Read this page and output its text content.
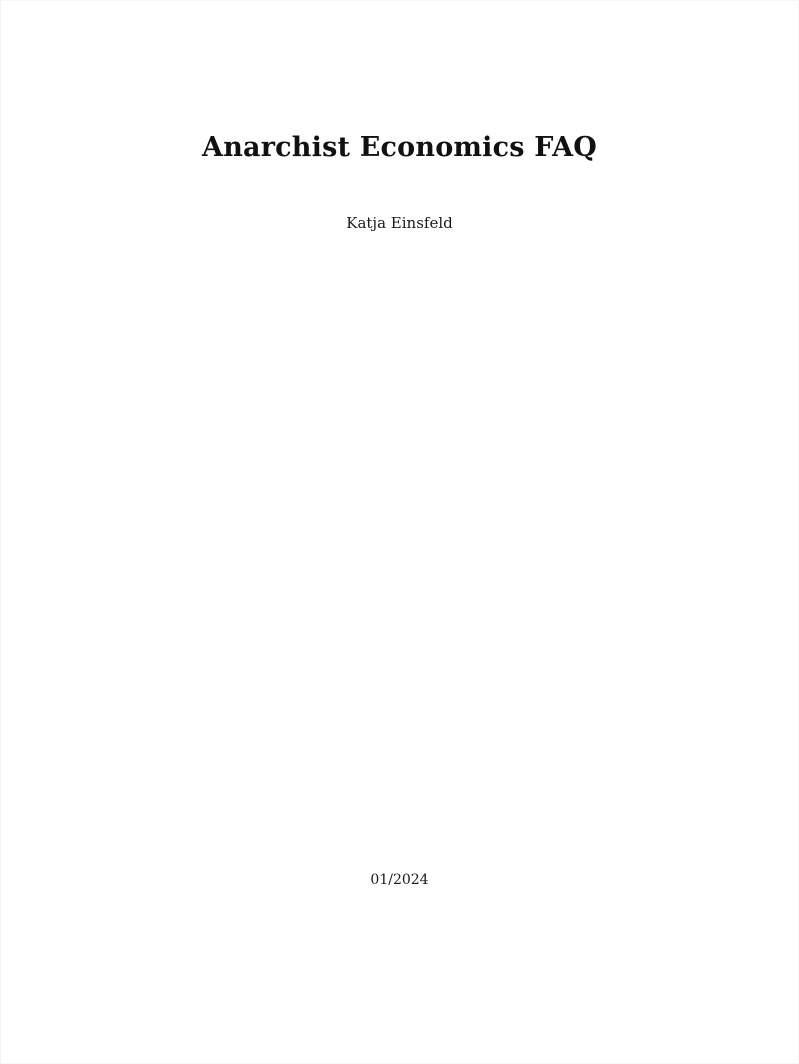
Anarchist Economics FAQ

Katja Einsfeld

01/2024
